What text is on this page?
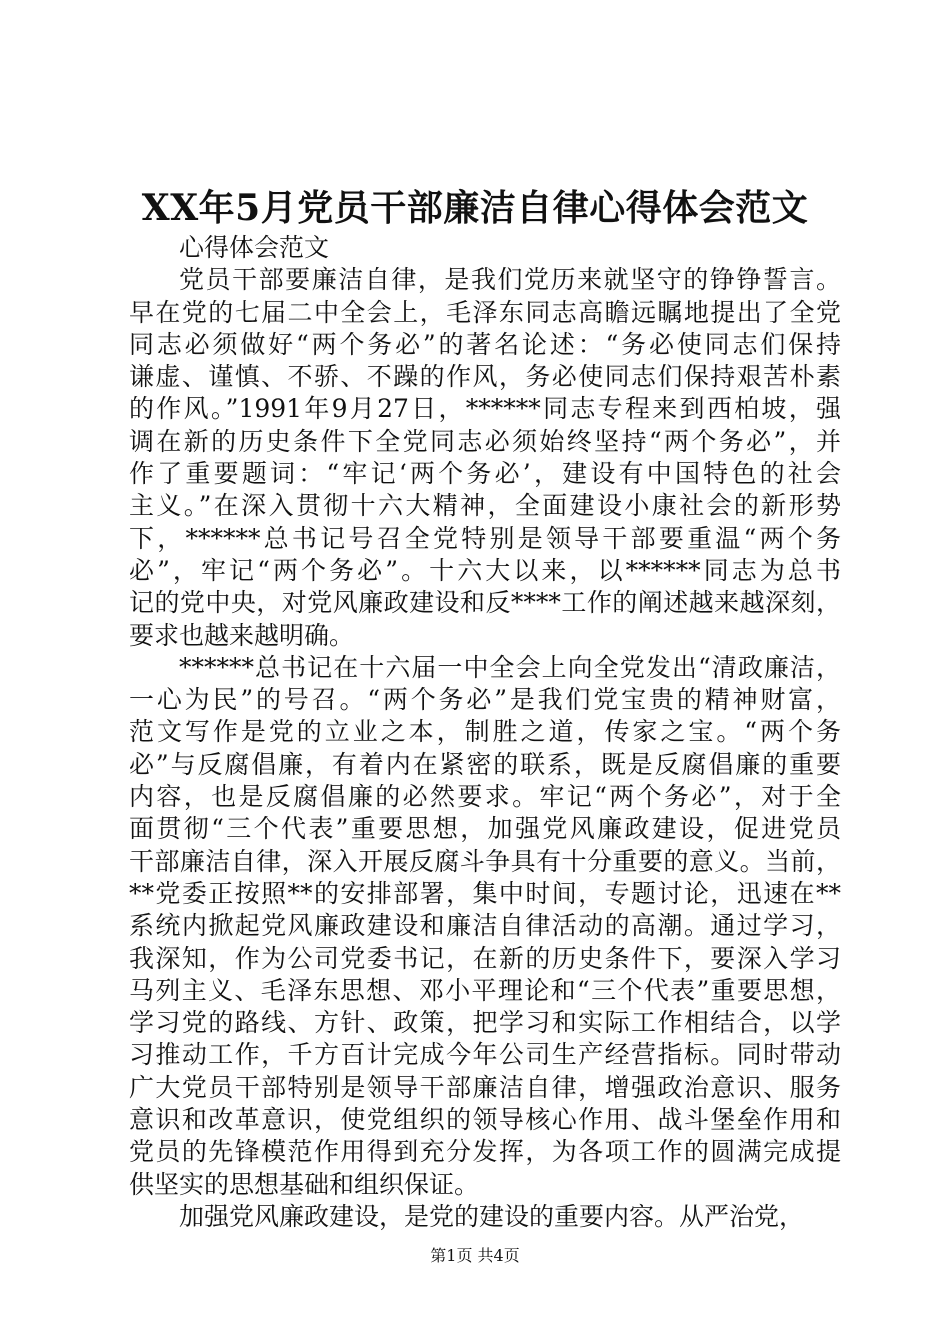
XX年5月党员干部廉洁自律心得体会范文
心得体会范文
党员干部要廉洁自律，是我们党历来就坚守的铮铮誓言。
早在党的七届二中全会上，毛泽东同志高瞻远瞩地提出了全党
同志必须做好“两个务必”的著名论述：“务必使同志们保持
谦虚、谨慎、不骄、不躁的作风，务必使同志们保持艰苦朴素
的作风。”1991年9月27日，******同志专程来到西柏坡，强
调在新的历史条件下全党同志必须始终坚持“两个务必”，并
作了重要题词：“牢记‘两个务必’，建设有中国特色的社会
主义。”在深入贯彻十六大精神，全面建设小康社会的新形势
下，******总书记号召全党特别是领导干部要重温“两个务
必”，牢记“两个务必”。十六大以来，以******同志为总书
记的党中央，对党风廉政建设和反****工作的阐述越来越深刻，
要求也越来越明确。
******总书记在十六届一中全会上向全党发出“清政廉洁，
一心为民”的号召。“两个务必”是我们党宝贵的精神财富，
范文写作是党的立业之本，制胜之道，传家之宝。“两个务
必”与反腐倡廉，有着内在紧密的联系，既是反腐倡廉的重要
内容，也是反腐倡廉的必然要求。牢记“两个务必”，对于全
面贯彻“三个代表”重要思想，加强党风廉政建设，促进党员
干部廉洁自律，深入开展反腐斗争具有十分重要的意义。当前，
**党委正按照**的安排部署，集中时间，专题讨论，迅速在**
系统内掀起党风廉政建设和廉洁自律活动的高潮。通过学习，
我深知，作为公司党委书记，在新的历史条件下，要深入学习
马列主义、毛泽东思想、邓小平理论和“三个代表”重要思想，
学习党的路线、方针、政策，把学习和实际工作相结合，以学
习推动工作，千方百计完成今年公司生产经营指标。同时带动
广大党员干部特别是领导干部廉洁自律，增强政治意识、服务
意识和改革意识，使党组织的领导核心作用、战斗堡垒作用和
党员的先锋模范作用得到充分发挥，为各项工作的圆满完成提
供坚实的思想基础和组织保证。
加强党风廉政建设，是党的建设的重要内容。从严治党，
第1页 共4页
